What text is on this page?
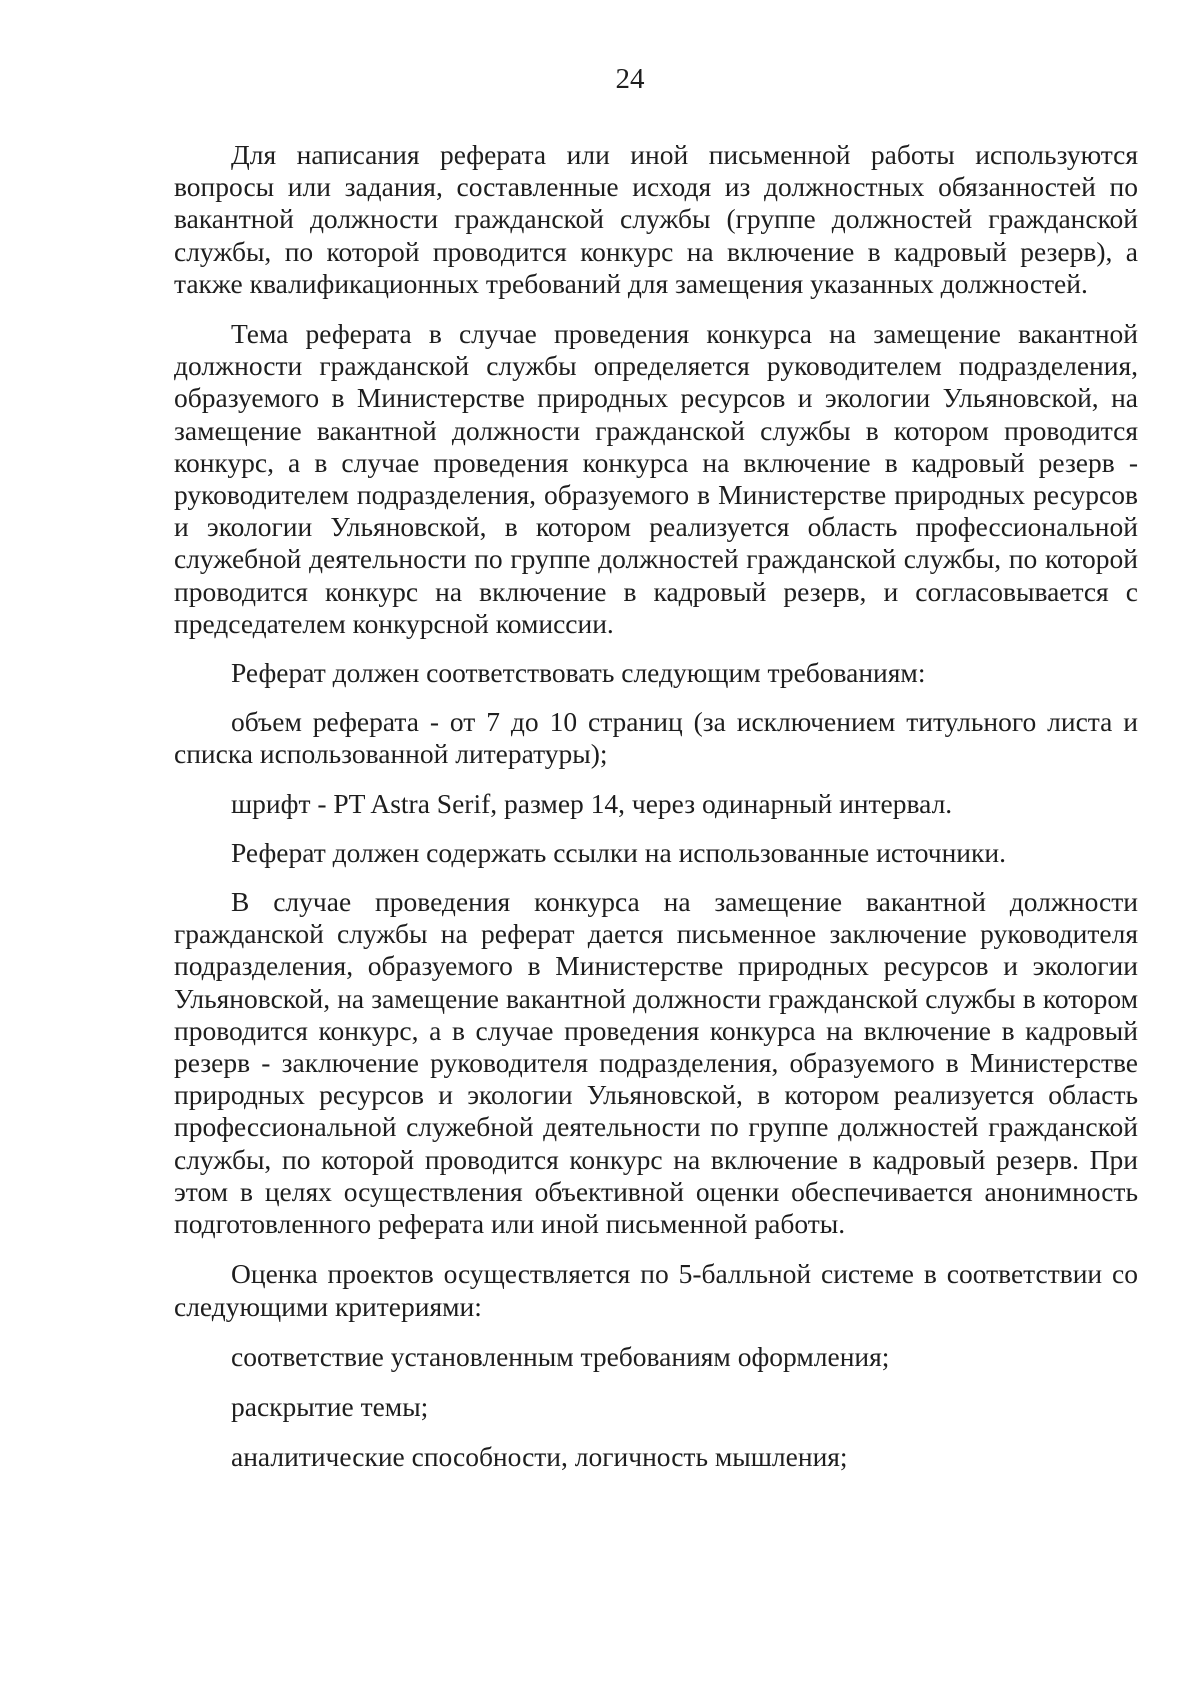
24

Для написания реферата или иной письменной работы используются вопросы или задания, составленные исходя из должностных обязанностей по вакантной должности гражданской службы (группе должностей гражданской службы, по которой проводится конкурс на включение в кадровый резерв), а также квалификационных требований для замещения указанных должностей.

Тема реферата в случае проведения конкурса на замещение вакантной должности гражданской службы определяется руководителем подразделения, образуемого в Министерстве природных ресурсов и экологии Ульяновской, на замещение вакантной должности гражданской службы в котором проводится конкурс, а в случае проведения конкурса на включение в кадровый резерв - руководителем подразделения, образуемого в Министерстве природных ресурсов и экологии Ульяновской, в котором реализуется область профессиональной служебной деятельности по группе должностей гражданской службы, по которой проводится конкурс на включение в кадровый резерв, и согласовывается с председателем конкурсной комиссии.

Реферат должен соответствовать следующим требованиям:

объем реферата - от 7 до 10 страниц (за исключением титульного листа и списка использованной литературы);

шрифт - PT Astra Serif, размер 14, через одинарный интервал.

Реферат должен содержать ссылки на использованные источники.

В случае проведения конкурса на замещение вакантной должности гражданской службы на реферат дается письменное заключение руководителя подразделения, образуемого в Министерстве природных ресурсов и экологии Ульяновской, на замещение вакантной должности гражданской службы в котором проводится конкурс, а в случае проведения конкурса на включение в кадровый резерв - заключение руководителя подразделения, образуемого в Министерстве природных ресурсов и экологии Ульяновской, в котором реализуется область профессиональной служебной деятельности по группе должностей гражданской службы, по которой проводится конкурс на включение в кадровый резерв. При этом в целях осуществления объективной оценки обеспечивается анонимность подготовленного реферата или иной письменной работы.

Оценка проектов осуществляется по 5-балльной системе в соответствии со следующими критериями:

соответствие установленным требованиям оформления;

раскрытие темы;

аналитические способности, логичность мышления;
